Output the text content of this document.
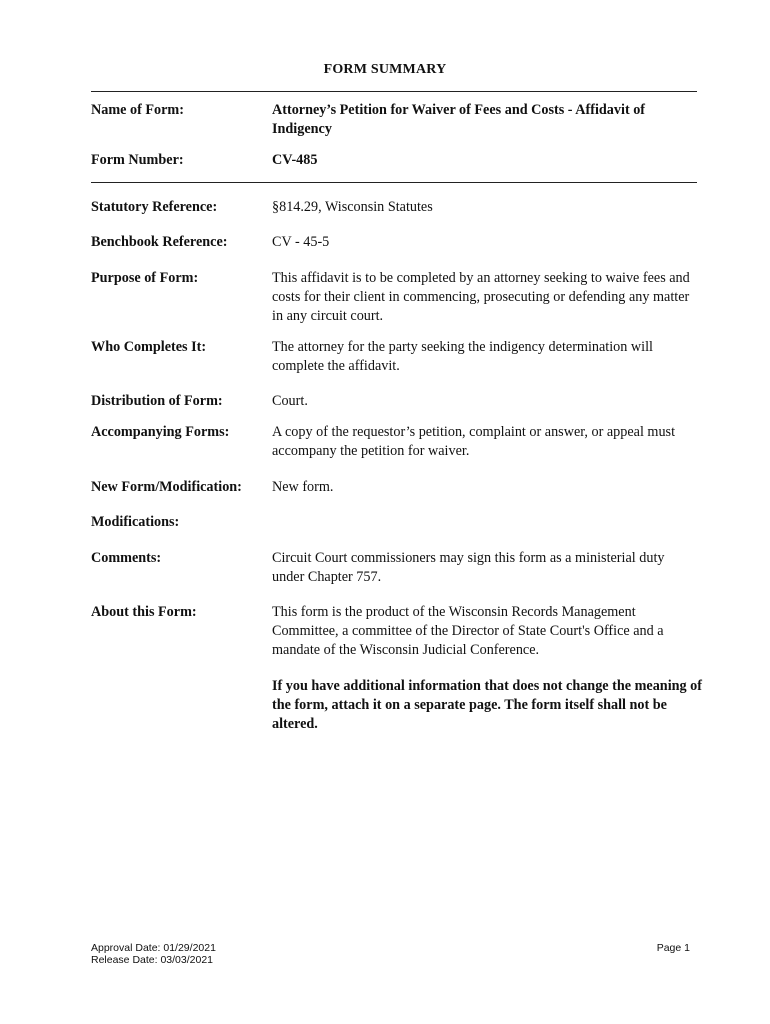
FORM SUMMARY
Name of Form:	Attorney’s Petition for Waiver of Fees and Costs - Affidavit of Indigency
Form Number:	CV-485
Statutory Reference:	§814.29, Wisconsin Statutes
Benchbook Reference:	CV - 45-5
Purpose of Form:	This affidavit is to be completed by an attorney seeking to waive fees and costs for their client in commencing, prosecuting or defending any matter in any circuit court.
Who Completes It:	The attorney for the party seeking the indigency determination will complete the affidavit.
Distribution of Form:	Court.
Accompanying Forms:	A copy of the requestor’s petition, complaint or answer, or appeal must accompany the petition for waiver.
New Form/Modification:	New form.
Modifications:
Comments:	Circuit Court commissioners may sign this form as a ministerial duty under Chapter 757.
About this Form:	This form is the product of the Wisconsin Records Management Committee, a committee of the Director of State Court's Office and a mandate of the Wisconsin Judicial Conference.
If you have additional information that does not change the meaning of the form, attach it on a separate page. The form itself shall not be altered.
Approval Date: 01/29/2021
Release Date: 03/03/2021
Page 1
